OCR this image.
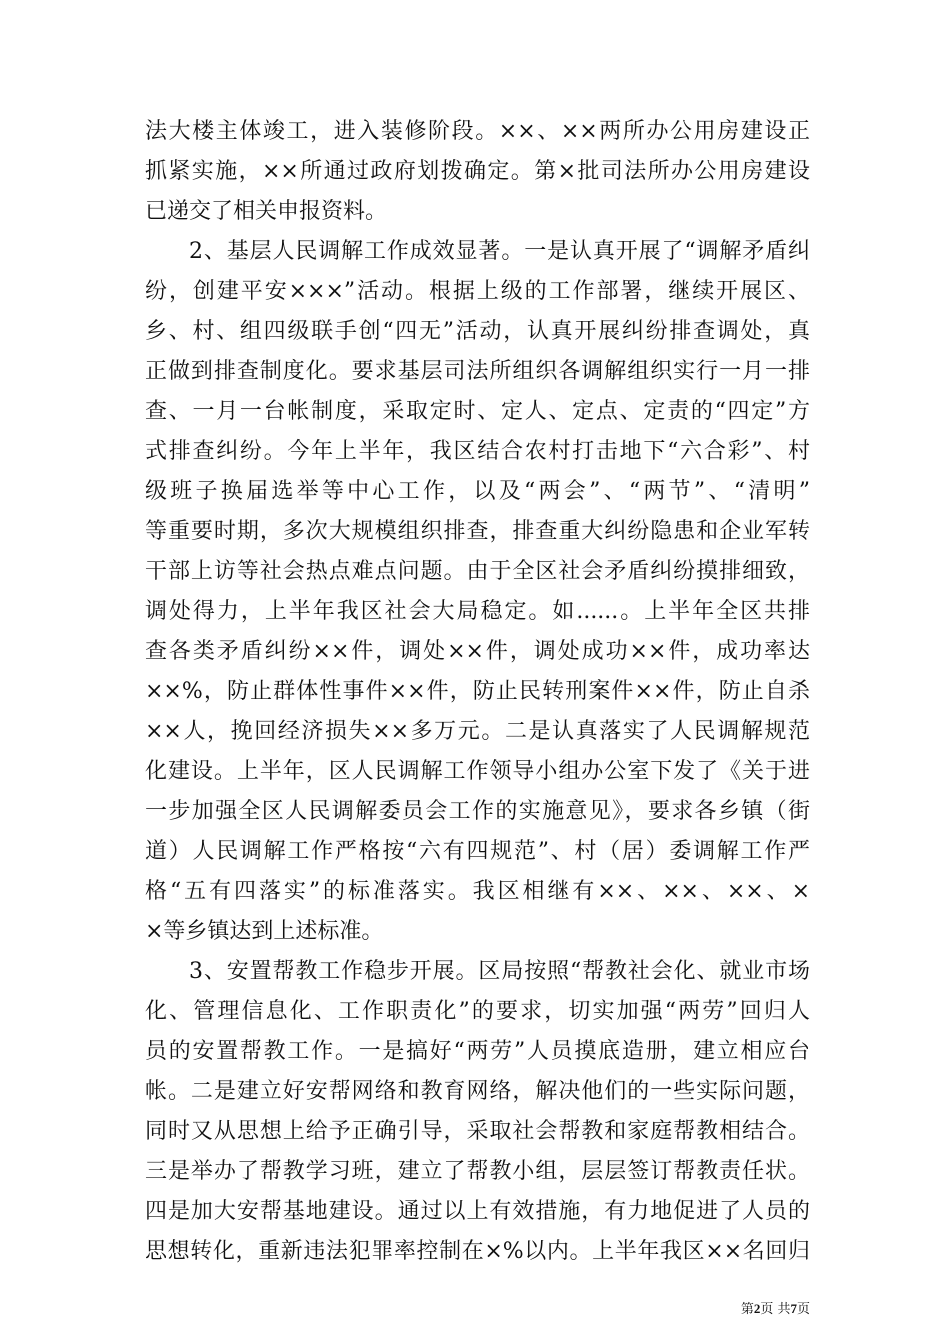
法大楼主体竣工，进入装修阶段。××、××两所办公用房建设正
抓紧实施，××所通过政府划拨确定。第×批司法所办公用房建设
已递交了相关申报资料。
2、基层人民调解工作成效显著。一是认真开展了“调解矛盾纠
纷，创建平安×××”活动。根据上级的工作部署，继续开展区、
乡、村、组四级联手创“四无”活动，认真开展纠纷排查调处，真
正做到排查制度化。要求基层司法所组织各调解组织实行一月一排
查、一月一台帐制度，采取定时、定人、定点、定责的“四定”方
式排查纠纷。今年上半年，我区结合农村打击地下“六合彩”、村
级班子换届选举等中心工作，以及“两会”、“两节”、“清明”
等重要时期，多次大规模组织排查，排查重大纠纷隐患和企业军转
干部上访等社会热点难点问题。由于全区社会矛盾纠纷摸排细致，
调处得力，上半年我区社会大局稳定。如......。上半年全区共排
查各类矛盾纠纷××件，调处××件，调处成功××件，成功率达
××%，防止群体性事件××件，防止民转刑案件××件，防止自杀
××人，挽回经济损失××多万元。二是认真落实了人民调解规范
化建设。上半年，区人民调解工作领导小组办公室下发了《关于进
一步加强全区人民调解委员会工作的实施意见》，要求各乡镇（街
道）人民调解工作严格按“六有四规范”、村（居）委调解工作严
格“五有四落实”的标准落实。我区相继有××、××、××、×
×等乡镇达到上述标准。
3、安置帮教工作稳步开展。区局按照“帮教社会化、就业市场
化、管理信息化、工作职责化”的要求，切实加强“两劳”回归人
员的安置帮教工作。一是搞好“两劳”人员摸底造册，建立相应台
帐。二是建立好安帮网络和教育网络，解决他们的一些实际问题，
同时又从思想上给予正确引导，采取社会帮教和家庭帮教相结合。
三是举办了帮教学习班，建立了帮教小组，层层签订帮教责任状。
四是加大安帮基地建设。通过以上有效措施，有力地促进了人员的
思想转化，重新违法犯罪率控制在×%以内。上半年我区××名回归
第2页 共7页
